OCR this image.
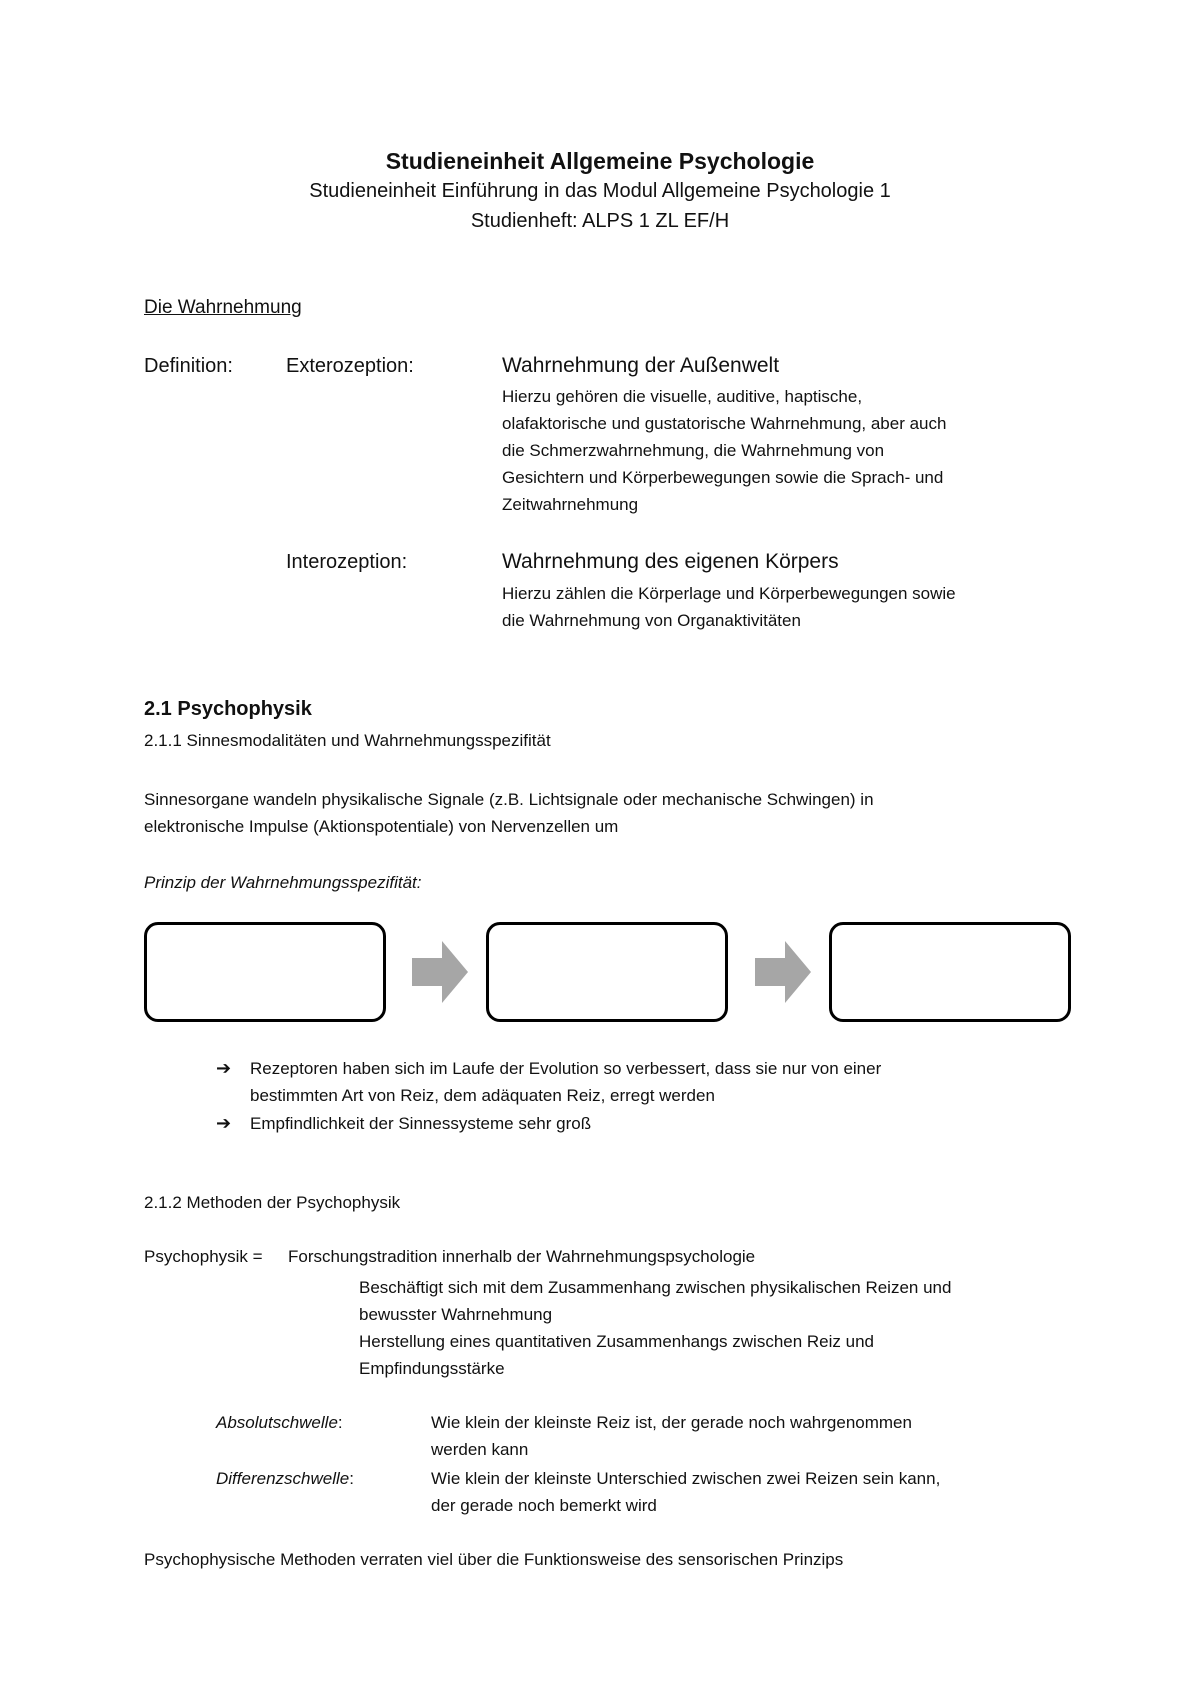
Studieneinheit Allgemeine Psychologie

Studieneinheit Einführung in das Modul Allgemeine Psychologie 1

Studienheft: ALPS 1 ZL EF/H

Die Wahrnehmung

Definition:	Exterozeption:	Wahrnehmung der Außenwelt

Hierzu gehören die visuelle, auditive, haptische,
olafaktorische und gustatorische Wahrnehmung, aber auch
die Schmerzwahrnehmung, die Wahrnehmung von
Gesichtern und Körperbewegungen sowie die Sprach- und
Zeitwahrnehmung

Interozeption:	Wahrnehmung des eigenen Körpers

Hierzu zählen die Körperlage und Körperbewegungen sowie
die Wahrnehmung von Organaktivitäten

2.1 Psychophysik

2.1.1 Sinnesmodalitäten und Wahrnehmungsspezifität

Sinnesorgane wandeln physikalische Signale (z.B. Lichtsignale oder mechanische Schwingen) in
elektronische Impulse (Aktionspotentiale) von Nervenzellen um

Prinzip der Wahrnehmungsspezifität:

➔ Rezeptoren haben sich im Laufe der Evolution so verbessert, dass sie nur von einer
bestimmten Art von Reiz, dem adäquaten Reiz, erregt werden
➔ Empfindlichkeit der Sinnessysteme sehr groß

2.1.2 Methoden der Psychophysik

Psychophysik = Forschungstradition innerhalb der Wahrnehmungspsychologie

Beschäftigt sich mit dem Zusammenhang zwischen physikalischen Reizen und
bewusster Wahrnehmung
Herstellung eines quantitativen Zusammenhangs zwischen Reiz und
Empfindungsstärke

Absolutschwelle:	Wie klein der kleinste Reiz ist, der gerade noch wahrgenommen
werden kann

Differenzschwelle:	Wie klein der kleinste Unterschied zwischen zwei Reizen sein kann,
der gerade noch bemerkt wird

Psychophysische Methoden verraten viel über die Funktionsweise des sensorischen Prinzips
